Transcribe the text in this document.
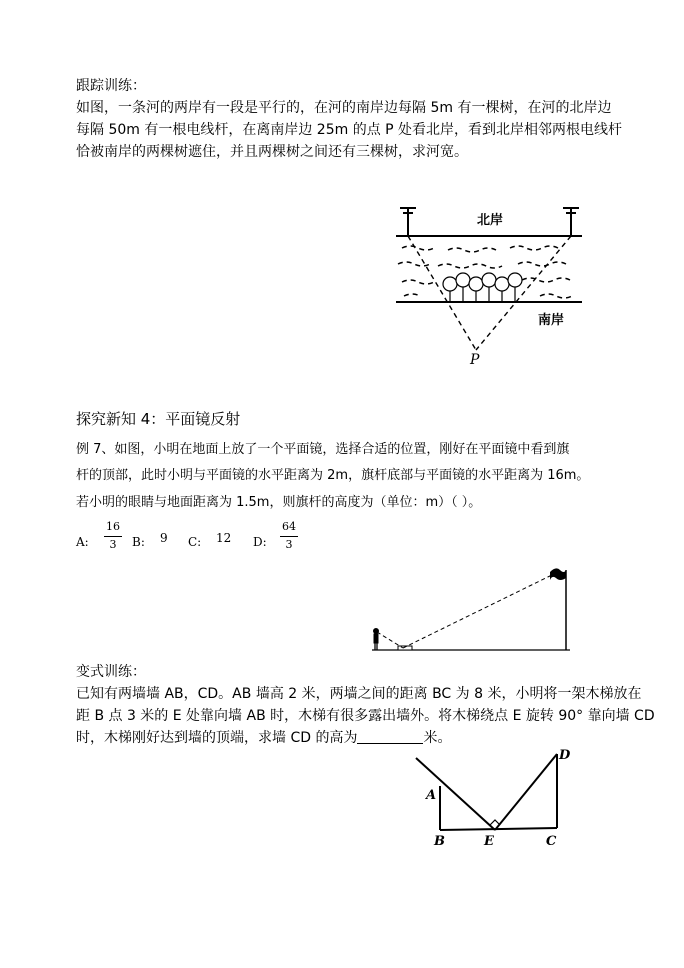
跟踪训练：
如图，一条河的两岸有一段是平行的，在河的南岸边每隔 5m 有一棵树，在河的北岸边
每隔 50m 有一根电线杆，在离南岸边 25m 的点 P 处看北岸，看到北岸相邻两根电线杆
恰被南岸的两棵树遮住，并且两棵树之间还有三棵树，求河宽。
北岸
南岸
P
探究新知 4：平面镜反射
例 7、如图，小明在地面上放了一个平面镜，选择合适的位置，刚好在平面镜中看到旗
杆的顶部，此时小明与平面镜的水平距离为 2m，旗杆底部与平面镜的水平距离为 16m。
若小明的眼睛与地面距离为 1.5m，则旗杆的高度为（单位：m）（ ）。
A:
16
3	B: 9 C: 12 D:
64
3
变式训练：
已知有两墙墙 AB，CD。AB 墙高 2 米，两墙之间的距离 BC 为 8 米，小明将一架木梯放在
距 B 点 3 米的 E 处靠向墙 AB 时，木梯有很多露出墙外。将木梯绕点 E 旋转 90° 靠向墙 CD
时，木梯刚好达到墙的顶端，求墙 CD 的高为	米。
A
B	E	C
D
